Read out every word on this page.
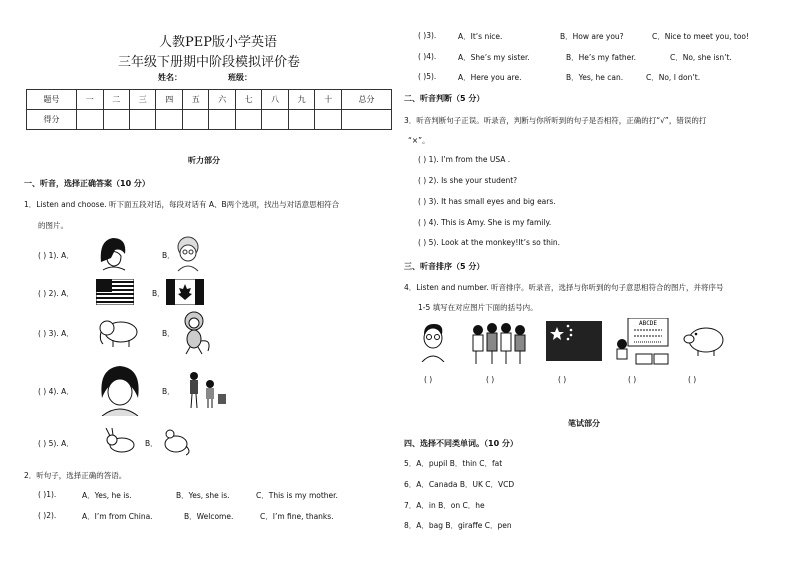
人教PEP版小学英语
三年级下册期中阶段模拟评价卷
姓名：	班级：
题号	一	二	三	四	五	六	七	八	九	十	总分
得分											
听力部分
一、听音，选择正确答案（10 分）
1．Listen and choose. 听下面五段对话，每段对话有 A、B两个选项，找出与对话意思相符合
的图片。
( ) 1). A．	B．
( ) 2). A．	B．
( ) 3). A．	B．
( ) 4). A．	B．
( ) 5). A．	B．
2．听句子，选择正确的答语。
( )1).	A．Yes, he is.	B．Yes, she is.	C．This is my mother.
( )2).	A．I’m from China.	B．Welcome.	C．I’m fine, thanks.
( )3).	A．It’s nice.	B．How are you?	C．Nice to meet you, too!
( )4).	A．She’s my sister.	B．He’s my father.	C．No, she isn’t.
( )5).	A．Here you are.	B．Yes, he can.	C．No, I don’t.
二、听音判断（5 分）
3．听音判断句子正误。听录音，判断与你所听到的句子是否相符，正确的打“√”，错误的打
“×”。
( ) 1). I’m from the USA .
( ) 2). Is she your student?
( ) 3). It has small eyes and big ears.
( ) 4). This is Amy. She is my family.
( ) 5). Look at the monkey!It’s so thin.
三、听音排序（5 分）
4．Listen and number. 听音排序。听录音，选择与你听到的句子意思相符合的图片，并将序号
1-5 填写在对应图片下面的括号内。
ABCDE
( )	( )	( )	( )	( )
笔试部分
四、选择不同类单词。（10 分）
5．A．pupil B．thin C．fat
6．A．Canada B．UK C．VCD
7．A．in B．on C．he
8．A．bag B．giraffe C．pen
